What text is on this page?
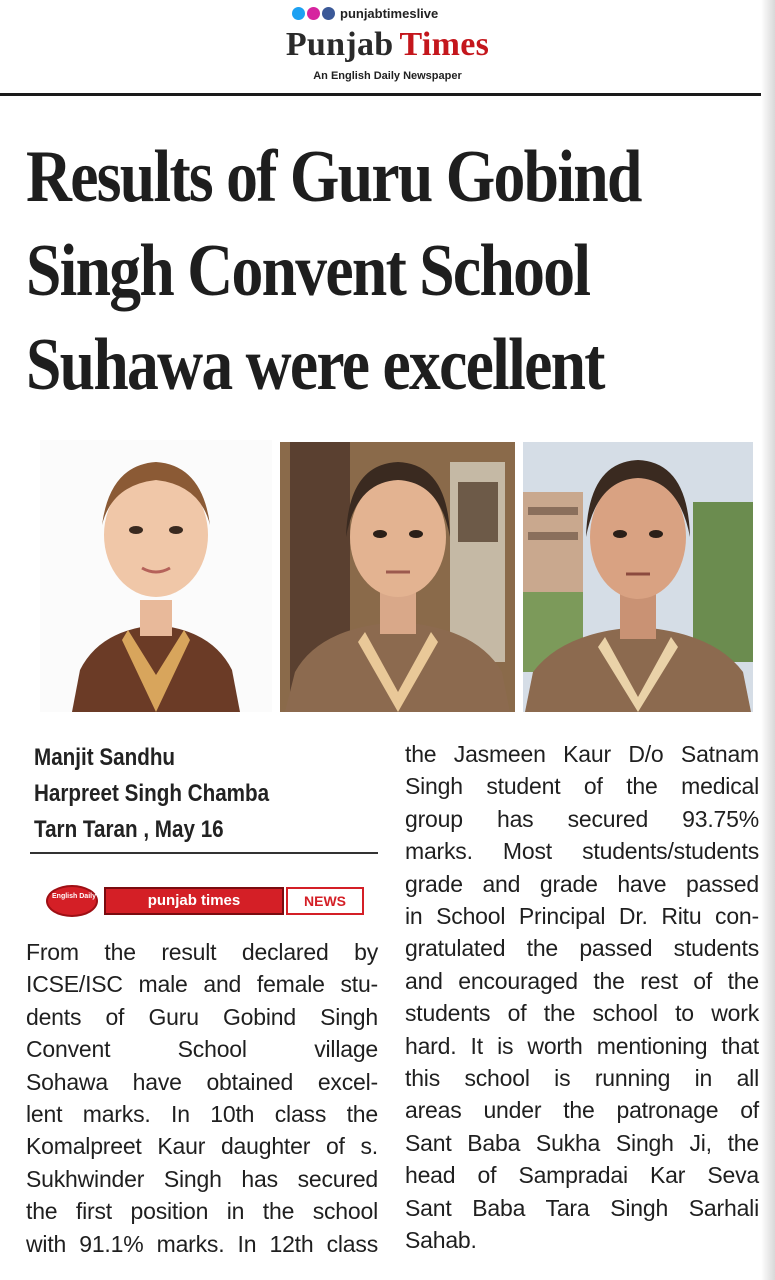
punjabtimeslive
Punjab Times
An English Daily Newspaper
Results of Guru Gobind
Singh Convent School
Suhawa were excellent
Manjit Sandhu
Harpreet Singh Chamba
Tarn Taran , May 16
English Daily	punjab times	NEWS
From the result declared by
ICSE/ISC male and female stu-
dents of Guru Gobind Singh
Convent School village
Sohawa have obtained excel-
lent marks. In 10th class the
Komalpreet Kaur daughter of s.
Sukhwinder Singh has secured
the first position in the school
with 91.1% marks. In 12th class
the Jasmeen Kaur D/o Satnam
Singh student of the medical
group has secured 93.75%
marks. Most students/students
grade and grade have passed
in School Principal Dr. Ritu con-
gratulated the passed students
and encouraged the rest of the
students of the school to work
hard. It is worth mentioning that
this school is running in all
areas under the patronage of
Sant Baba Sukha Singh Ji, the
head of Sampradai Kar Seva
Sant Baba Tara Singh Sarhali
Sahab.
